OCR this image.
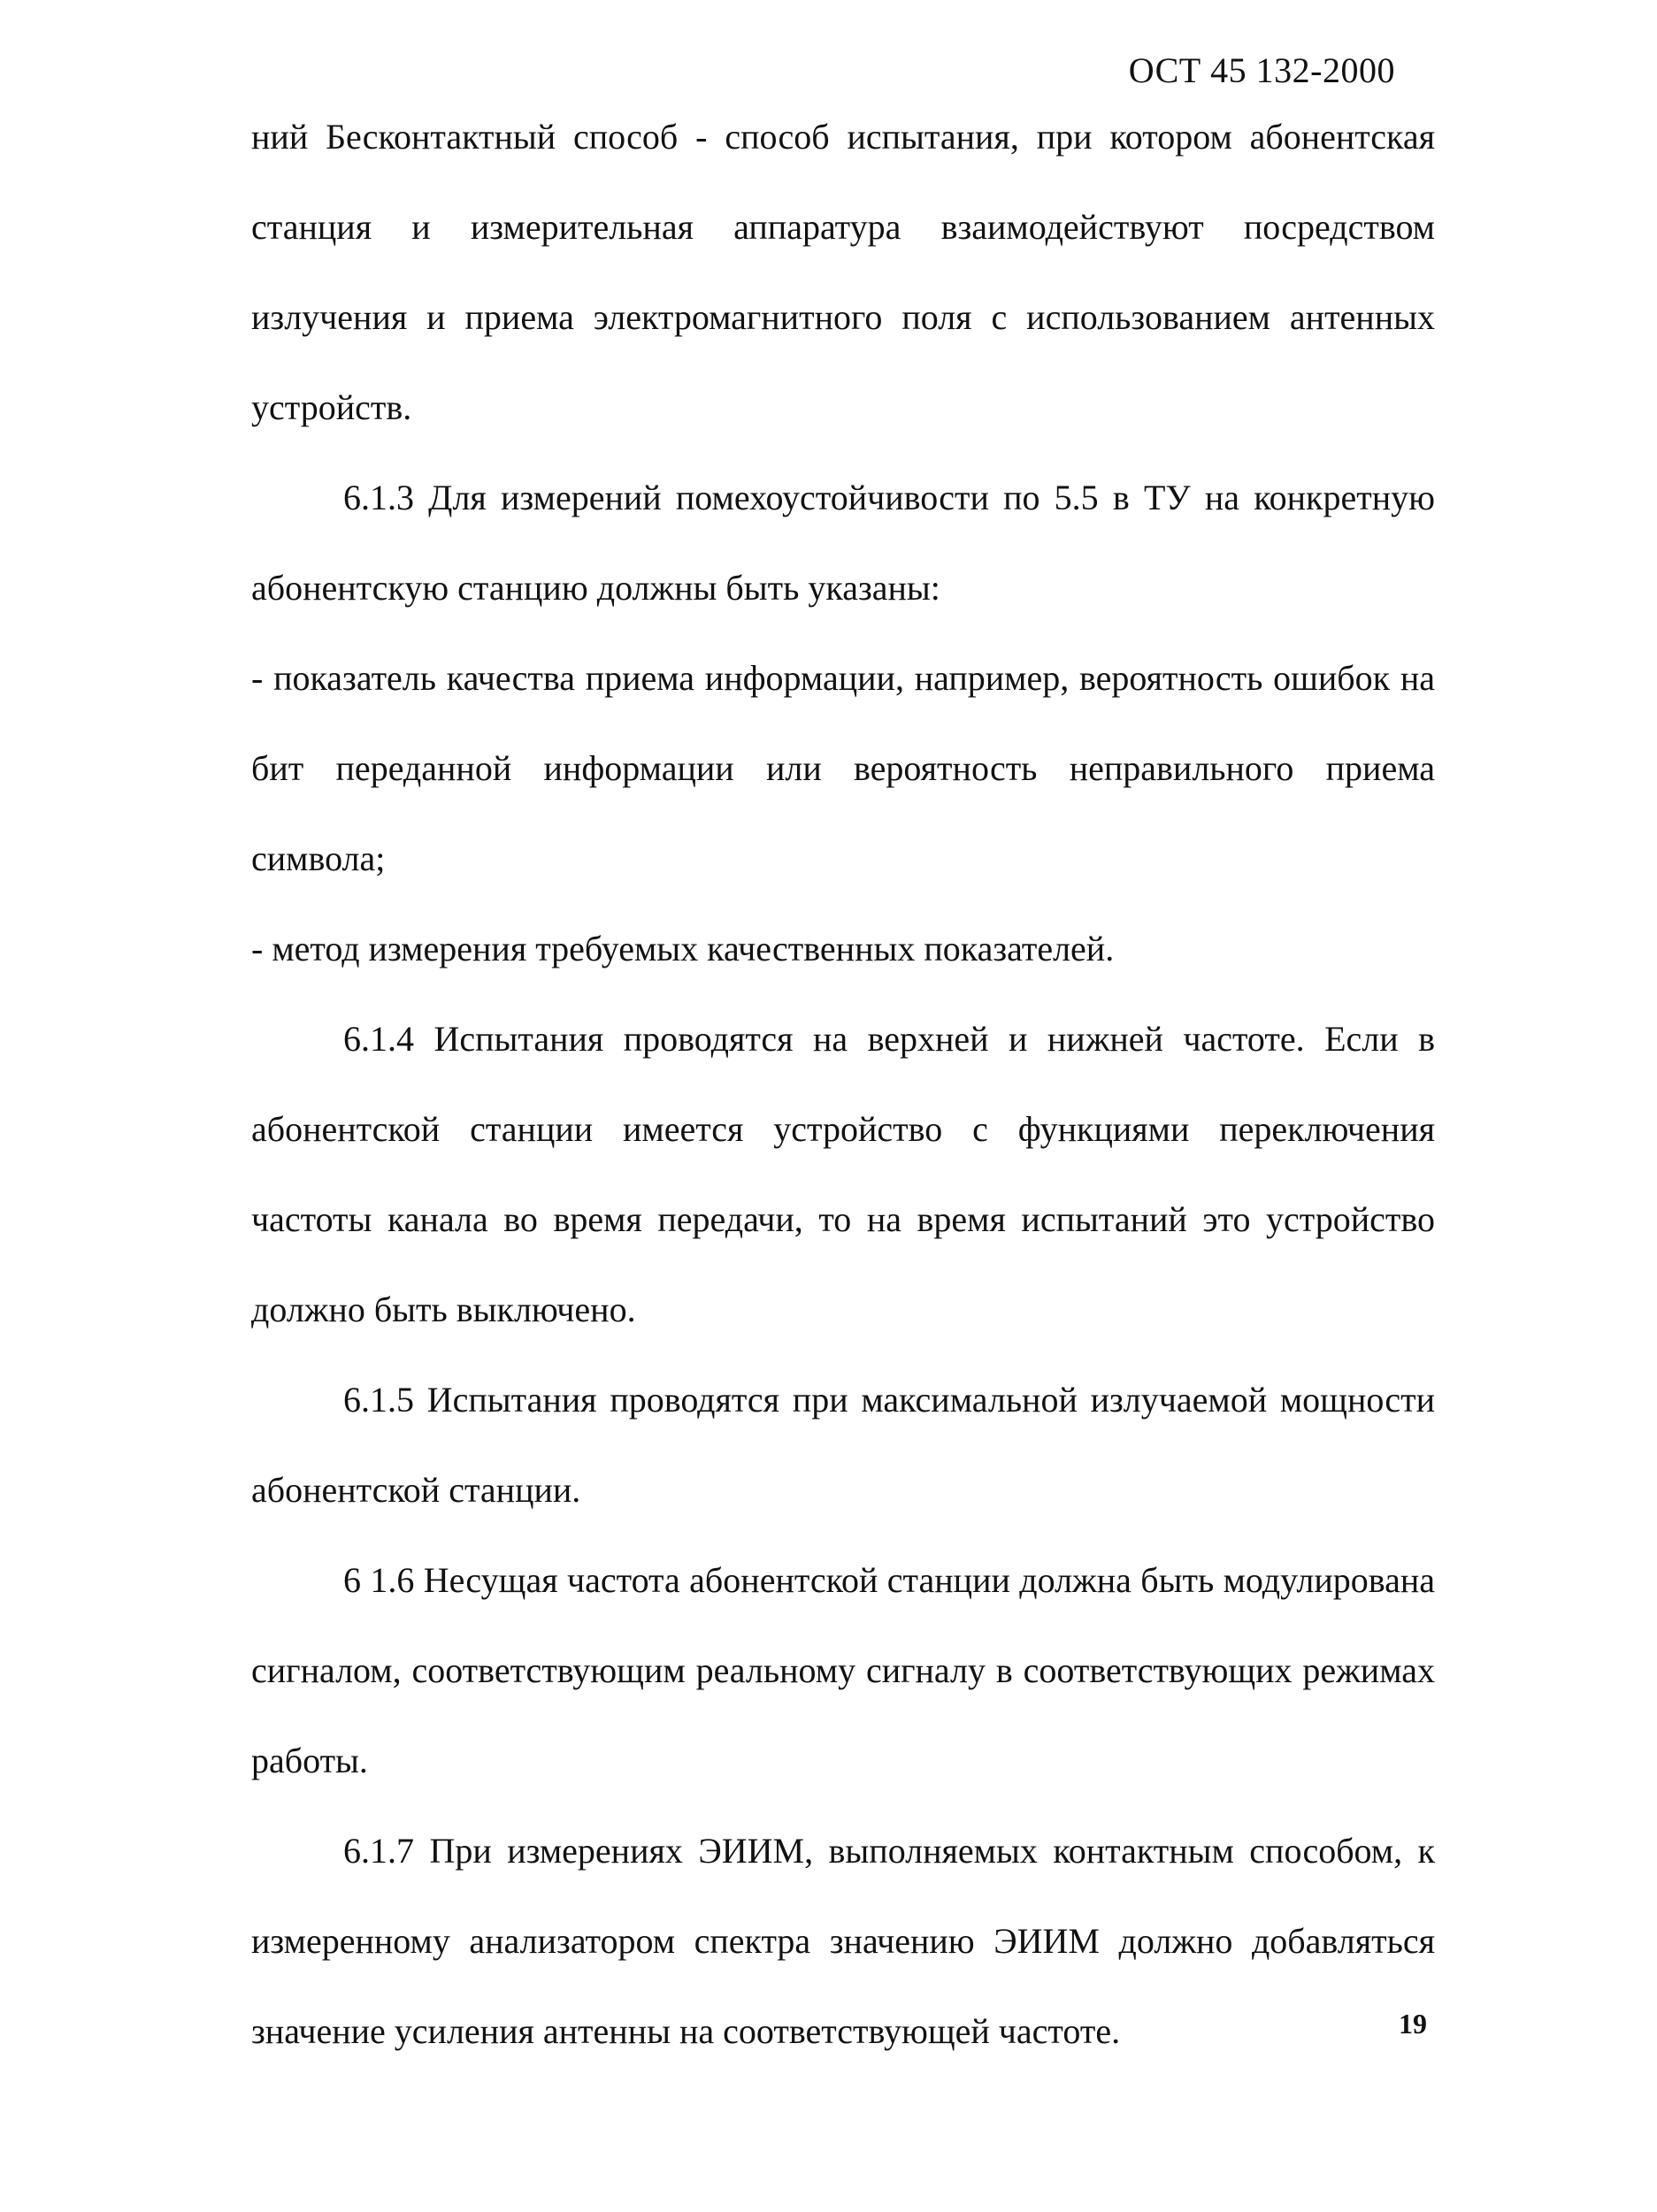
ОСТ 45 132-2000

ний Бесконтактный способ - способ испытания, при котором абонентская станция и измерительная аппаратура взаимодействуют посредством излучения и приема электромагнитного поля с использованием антенных устройств.

6.1.3 Для измерений помехоустойчивости по 5.5 в ТУ на конкретную абонентскую станцию должны быть указаны:

- показатель качества приема информации, например, вероятность ошибок на бит переданной информации или вероятность неправильного приема символа;

- метод измерения требуемых качественных показателей.

6.1.4 Испытания проводятся на верхней и нижней частоте. Если в абонентской станции имеется устройство с функциями переключения частоты канала во время передачи, то на время испытаний это устройство должно быть выключено.

6.1.5 Испытания проводятся при максимальной излучаемой мощности абонентской станции.

6 1.6 Несущая частота абонентской станции должна быть модулирована сигналом, соответствующим реальному сигналу в соответствующих режимах работы.

6.1.7 При измерениях ЭИИМ, выполняемых контактным способом, к измеренному анализатором спектра значению ЭИИМ должно добавляться значение усиления антенны на соответствующей частоте.	19
